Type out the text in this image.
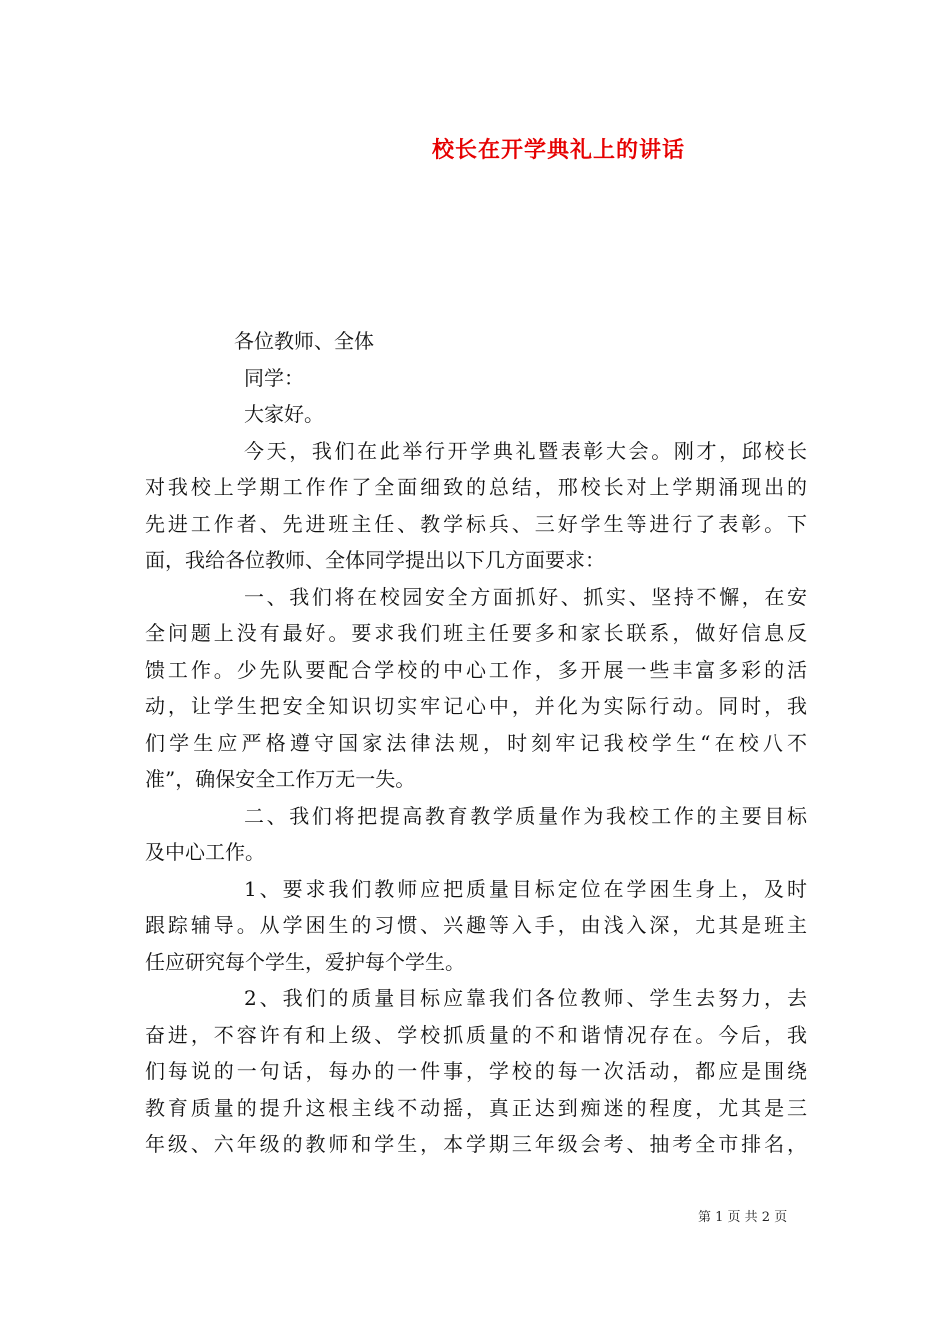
校长在开学典礼上的讲话
各位教师、全体
同学：
大家好。
今天，我们在此举行开学典礼暨表彰大会。刚才，邱校长
对我校上学期工作作了全面细致的总结，邢校长对上学期涌现出的
先进工作者、先进班主任、教学标兵、三好学生等进行了表彰。下
面，我给各位教师、全体同学提出以下几方面要求：
一、我们将在校园安全方面抓好、抓实、坚持不懈，在安
全问题上没有最好。要求我们班主任要多和家长联系，做好信息反
馈工作。少先队要配合学校的中心工作，多开展一些丰富多彩的活
动，让学生把安全知识切实牢记心中，并化为实际行动。同时，我
们学生应严格遵守国家法律法规，时刻牢记我校学生“在校八不
准”，确保安全工作万无一失。
二、我们将把提高教育教学质量作为我校工作的主要目标
及中心工作。
1、要求我们教师应把质量目标定位在学困生身上，及时
跟踪辅导。从学困生的习惯、兴趣等入手，由浅入深，尤其是班主
任应研究每个学生，爱护每个学生。
2、我们的质量目标应靠我们各位教师、学生去努力，去
奋进，不容许有和上级、学校抓质量的不和谐情况存在。今后，我
们每说的一句话，每办的一件事，学校的每一次活动，都应是围绕
教育质量的提升这根主线不动摇，真正达到痴迷的程度，尤其是三
年级、六年级的教师和学生，本学期三年级会考、抽考全市排名，
第 1 页 共 2 页
